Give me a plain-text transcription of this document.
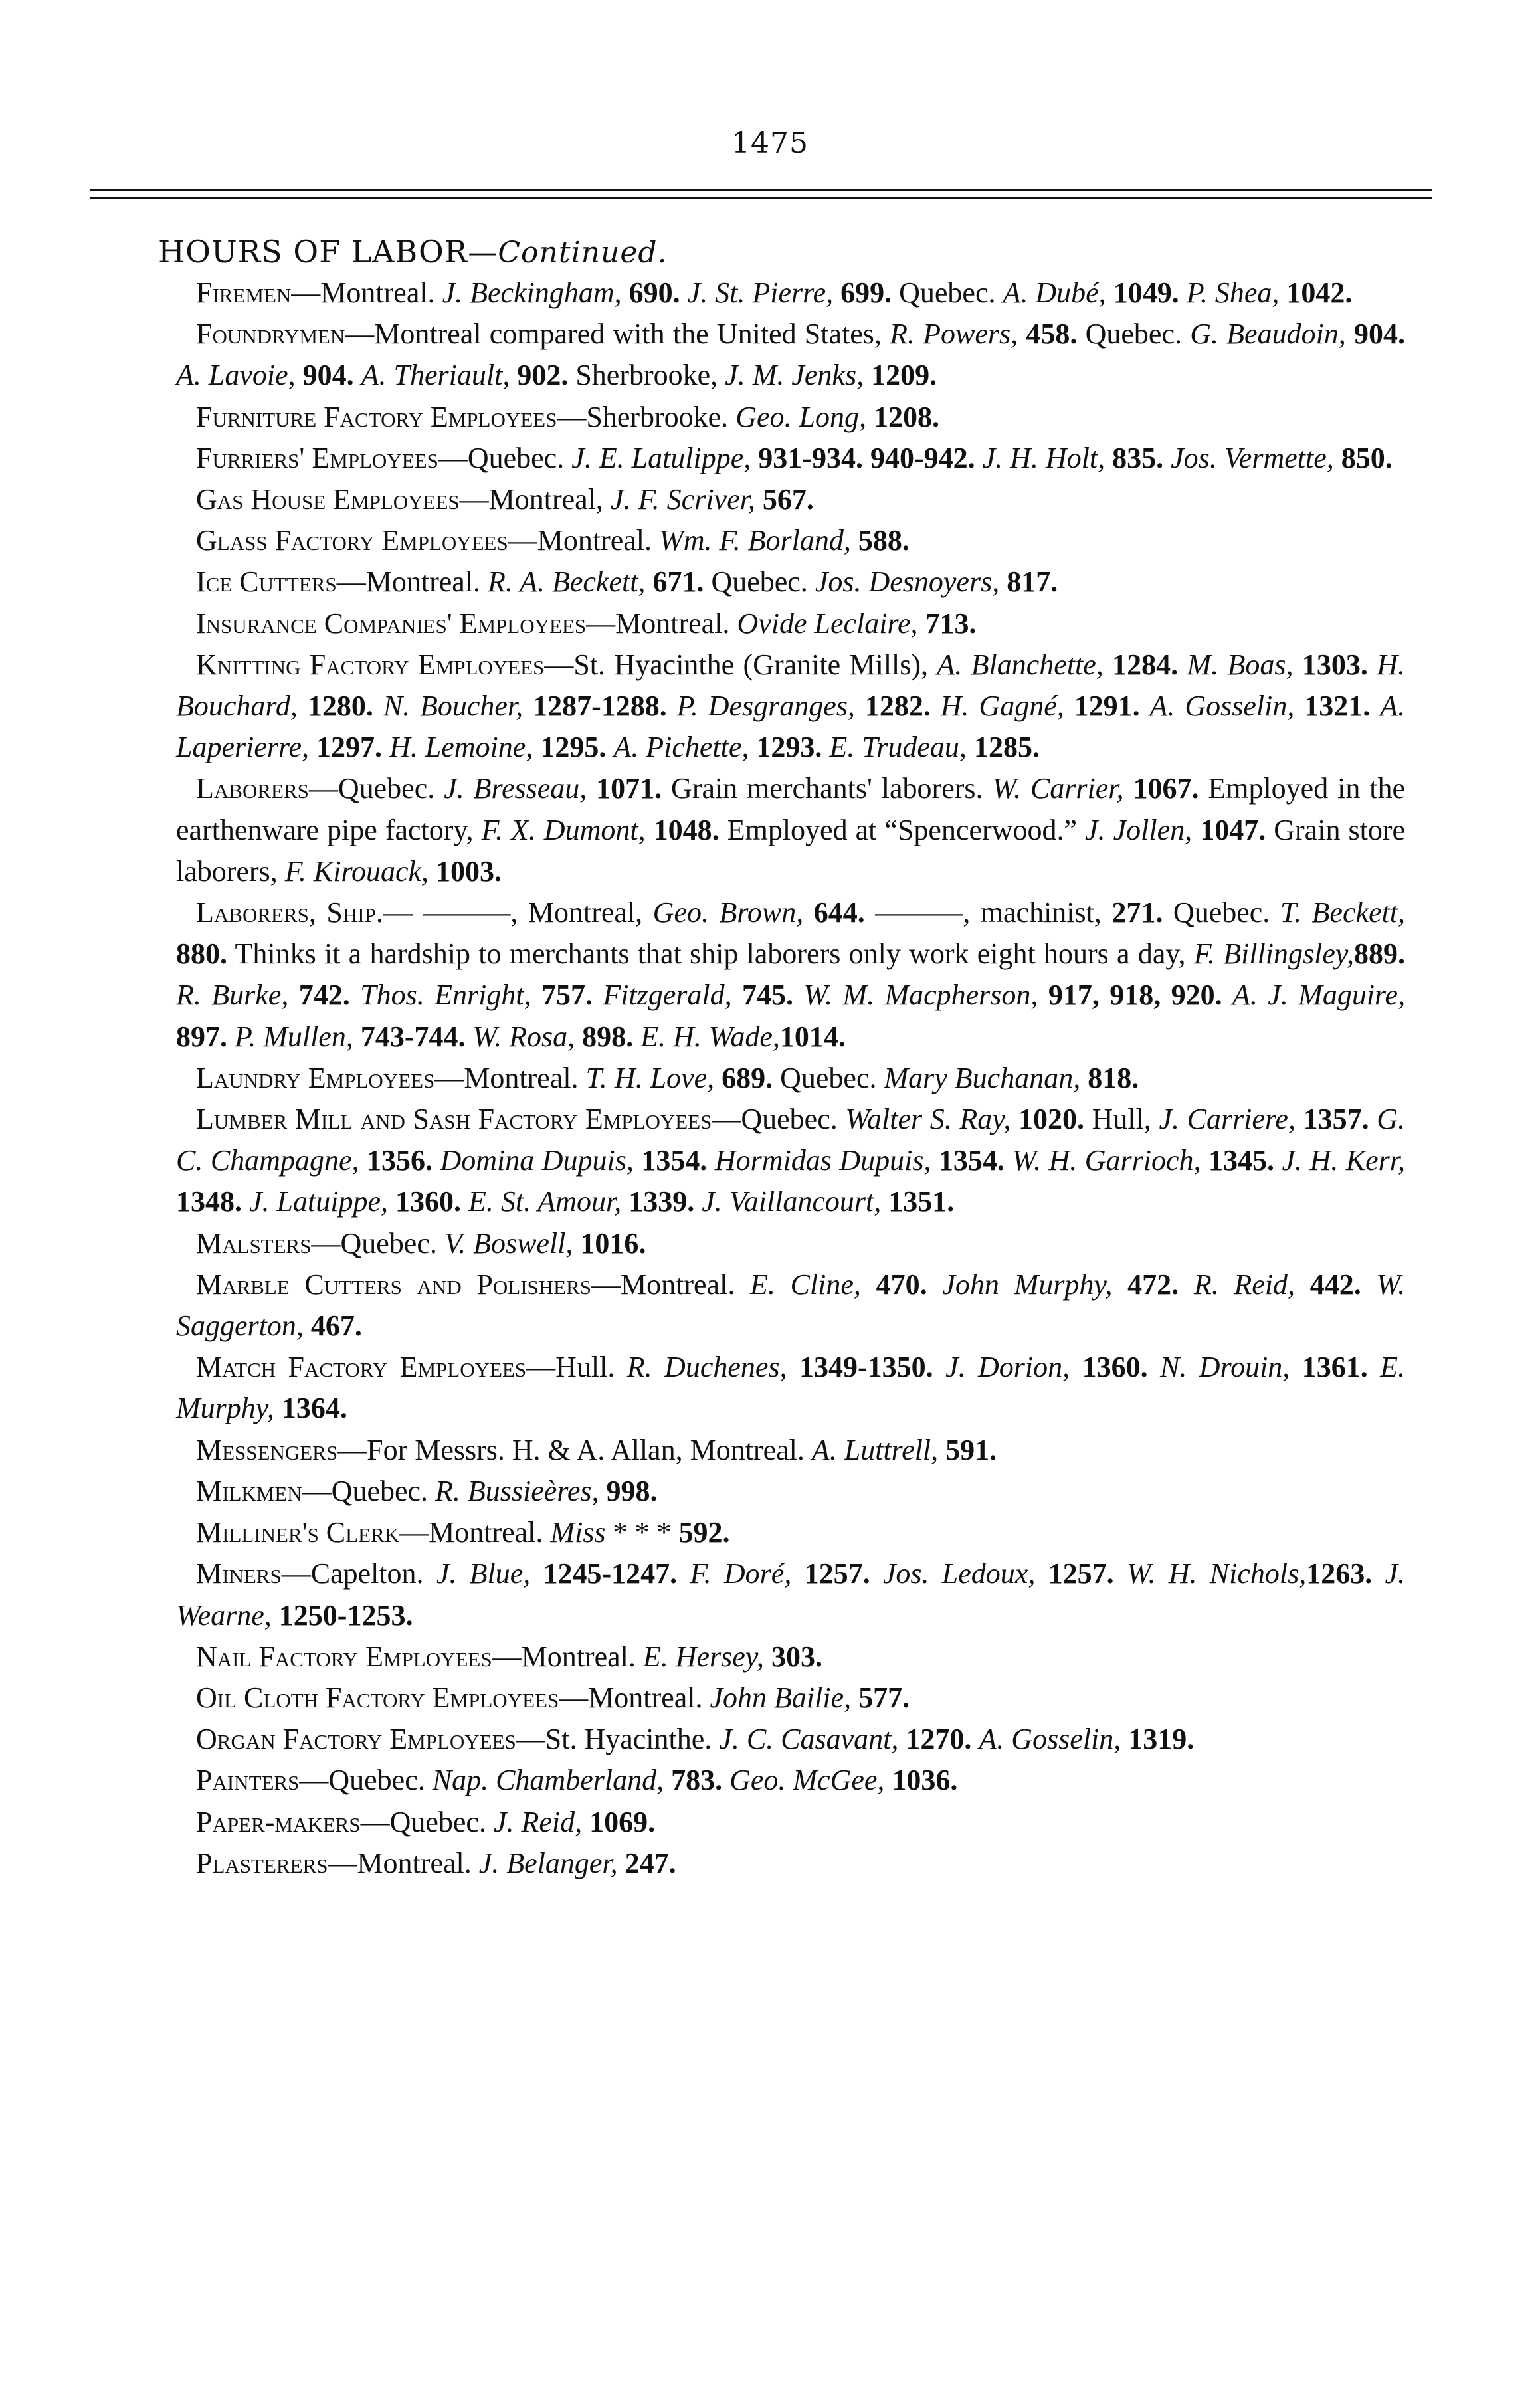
1475
HOURS OF LABOR—Continued.

Firemen—Montreal. J. Beckingham, 690. J. St. Pierre, 699. Quebec. A. Dubé, 1049. P. Shea, 1042.

Foundrymen—Montreal compared with the United States, R. Powers, 458. Quebec. G. Beaudoin, 904. A. Lavoie, 904. A. Theriault, 902. Sherbrooke, J. M. Jenks, 1209.

Furniture Factory Employees—Sherbrooke. Geo. Long, 1208.

Furriers' Employees—Quebec. J. E. Latulippe, 931-934. 940-942. J. H. Holt, 835. Jos. Vermette, 850.

Gas House Employees—Montreal, J. F. Scriver, 567.

Glass Factory Employees—Montreal. Wm. F. Borland, 588.

Ice Cutters—Montreal. R. A. Beckett, 671. Quebec. Jos. Desnoyers, 817.

Insurance Companies' Employees—Montreal. Ovide Leclaire, 713.

Knitting Factory Employees—St. Hyacinthe (Granite Mills), A. Blanchette, 1284. M. Boas, 1303. H. Bouchard, 1280. N. Boucher, 1287-1288. P. Desgranges, 1282. H. Gagné, 1291. A. Gosselin, 1321. A. Laperierre, 1297. H. Lemoine, 1295. A. Pichette, 1293. E. Trudeau, 1285.

Laborers—Quebec. J. Bresseau, 1071. Grain merchants' laborers. W. Carrier, 1067. Employed in the earthenware pipe factory, F. X. Dumont, 1048. Employed at “Spencerwood.” J. Jollen, 1047. Grain store laborers, F. Kirouack, 1003.

Laborers, Ship.— ———, Montreal, Geo. Brown, 644. ———, machinist, 271. Quebec. T. Beckett, 880. Thinks it a hardship to merchants that ship laborers only work eight hours a day, F. Billingsley,889. R. Burke, 742. Thos. Enright, 757. Fitzgerald, 745. W. M. Macpherson, 917, 918, 920. A. J. Maguire, 897. P. Mullen, 743-744. W. Rosa, 898. E. H. Wade,1014.

Laundry Employees—Montreal. T. H. Love, 689. Quebec. Mary Buchanan, 818.

Lumber Mill and Sash Factory Employees—Quebec. Walter S. Ray, 1020. Hull, J. Carriere, 1357. G. C. Champagne, 1356. Domina Dupuis, 1354. Hormidas Dupuis, 1354. W. H. Garrioch, 1345. J. H. Kerr, 1348. J. Latuippe, 1360. E. St. Amour, 1339. J. Vaillancourt, 1351.

Malsters—Quebec. V. Boswell, 1016.

Marble Cutters and Polishers—Montreal. E. Cline, 470. John Murphy, 472. R. Reid, 442. W. Saggerton, 467.

Match Factory Employees—Hull. R. Duchenes, 1349-1350. J. Dorion, 1360. N. Drouin, 1361. E. Murphy, 1364.

Messengers—For Messrs. H. & A. Allan, Montreal. A. Luttrell, 591.

Milkmen—Quebec. R. Bussieères, 998.

Milliner's Clerk—Montreal. Miss * * * 592.

Miners—Capelton. J. Blue, 1245-1247. F. Doré, 1257. Jos. Ledoux, 1257. W. H. Nichols,1263. J. Wearne, 1250-1253.

Nail Factory Employees—Montreal. E. Hersey, 303.

Oil Cloth Factory Employees—Montreal. John Bailie, 577.

Organ Factory Employees—St. Hyacinthe. J. C. Casavant, 1270. A. Gosselin, 1319.

Painters—Quebec. Nap. Chamberland, 783. Geo. McGee, 1036.

Paper-makers—Quebec. J. Reid, 1069.

Plasterers—Montreal. J. Belanger, 247.
